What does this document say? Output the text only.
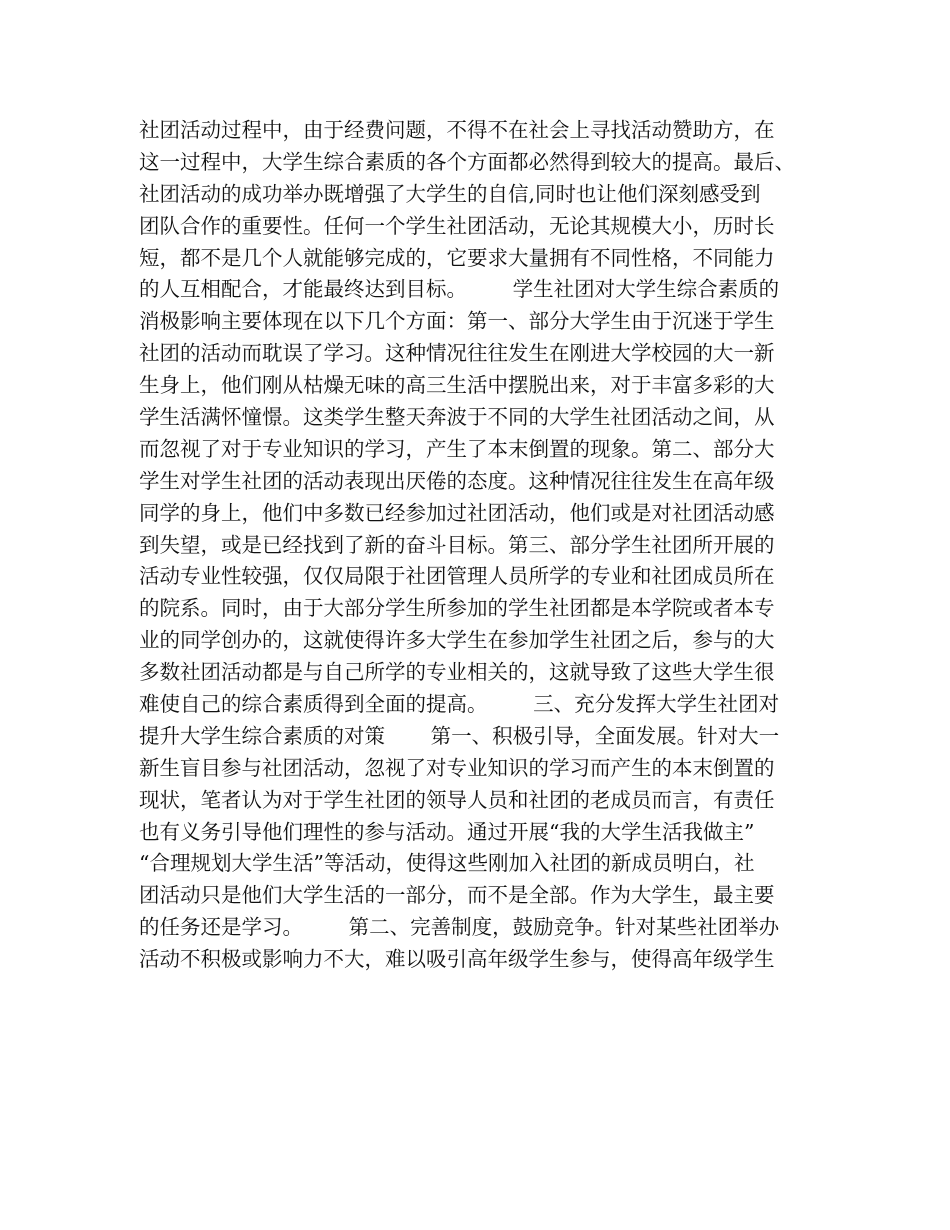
社团活动过程中，由于经费问题，不得不在社会上寻找活动赞助方，在
这一过程中，大学生综合素质的各个方面都必然得到较大的提高。最后、
社团活动的成功举办既增强了大学生的自信,同时也让他们深刻感受到
团队合作的重要性。任何一个学生社团活动，无论其规模大小，历时长
短，都不是几个人就能够完成的，它要求大量拥有不同性格，不同能力
的人互相配合，才能最终达到目标。       学生社团对大学生综合素质的
消极影响主要体现在以下几个方面：第一、部分大学生由于沉迷于学生
社团的活动而耽误了学习。这种情况往往发生在刚进大学校园的大一新
生身上，他们刚从枯燥无味的高三生活中摆脱出来，对于丰富多彩的大
学生活满怀憧憬。这类学生整天奔波于不同的大学生社团活动之间，从
而忽视了对于专业知识的学习，产生了本末倒置的现象。第二、部分大
学生对学生社团的活动表现出厌倦的态度。这种情况往往发生在高年级
同学的身上，他们中多数已经参加过社团活动，他们或是对社团活动感
到失望，或是已经找到了新的奋斗目标。第三、部分学生社团所开展的
活动专业性较强，仅仅局限于社团管理人员所学的专业和社团成员所在
的院系。同时，由于大部分学生所参加的学生社团都是本学院或者本专
业的同学创办的，这就使得许多大学生在参加学生社团之后，参与的大
多数社团活动都是与自己所学的专业相关的，这就导致了这些大学生很
难使自己的综合素质得到全面的提高。       三、充分发挥大学生社团对
提升大学生综合素质的对策       第一、积极引导，全面发展。针对大一
新生盲目参与社团活动，忽视了对专业知识的学习而产生的本末倒置的
现状，笔者认为对于学生社团的领导人员和社团的老成员而言，有责任
也有义务引导他们理性的参与活动。通过开展“我的大学生活我做主”
“合理规划大学生活”等活动，使得这些刚加入社团的新成员明白，社
团活动只是他们大学生活的一部分，而不是全部。作为大学生，最主要
的任务还是学习。       第二、完善制度，鼓励竞争。针对某些社团举办
活动不积极或影响力不大，难以吸引高年级学生参与，使得高年级学生
